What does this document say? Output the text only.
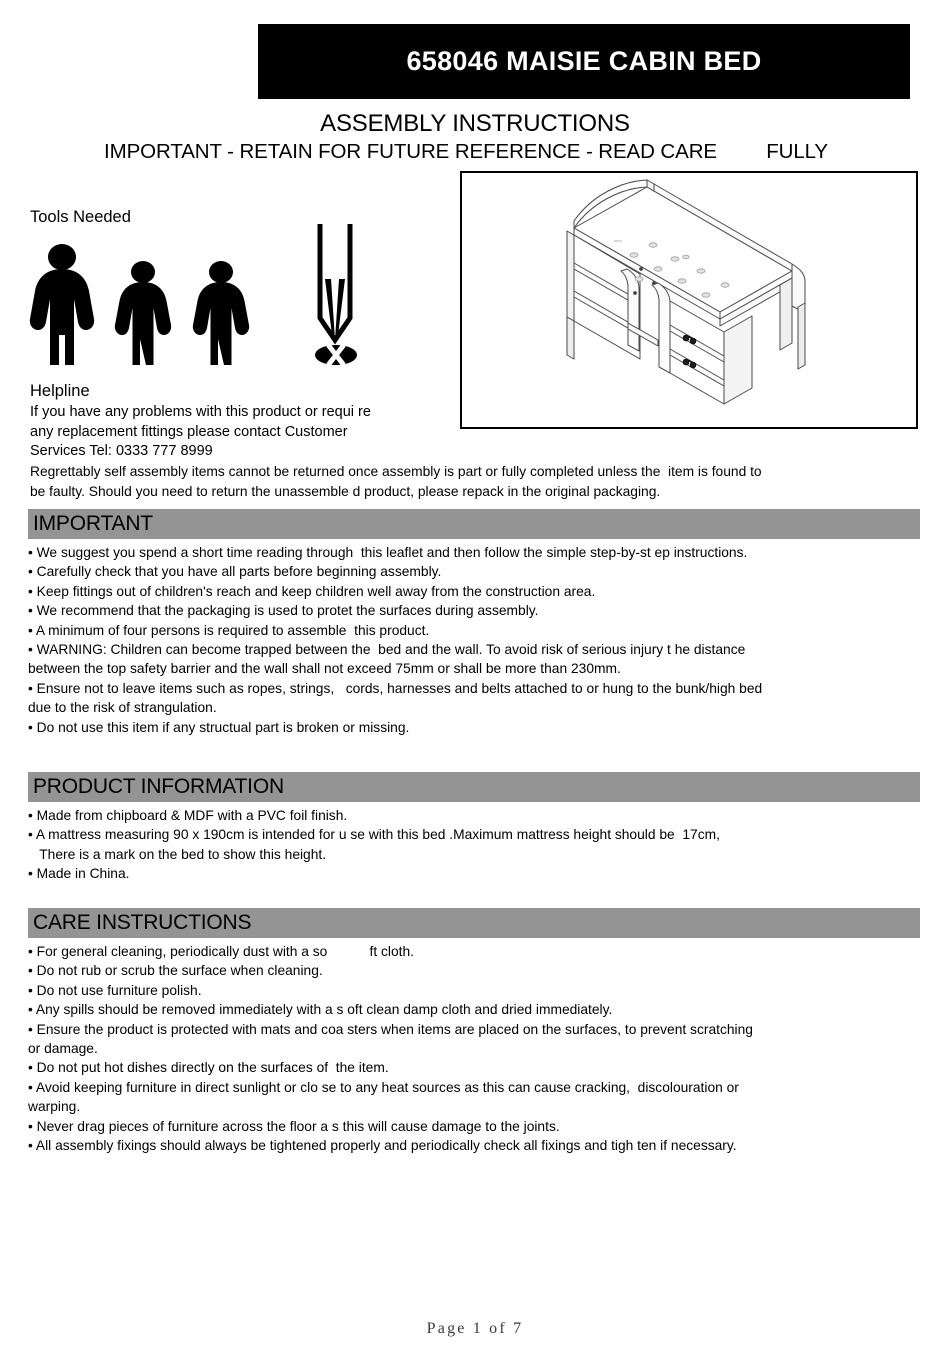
658046 MAISIE CABIN BED
ASSEMBLY INSTRUCTIONS
IMPORTANT - RETAIN FOR FUTURE REFERENCE - READ CARE FULLY
Tools Needed
Helpline
If you have any problems with this product or requi re
any replacement fittings please contact Customer
Services Tel: 0333 777 8999
Regrettably self assembly items cannot be returned once assembly is part or fully completed unless the  item is found to
be faulty. Should you need to return the unassemble d product, please repack in the original packaging.
IMPORTANT
• We suggest you spend a short time reading through  this leaflet and then follow the simple step-by-st ep instructions.
• Carefully check that you have all parts before beginning assembly.
• Keep fittings out of children's reach and keep children well away from the construction area.
• We recommend that the packaging is used to protet the surfaces during assembly.
• A minimum of four persons is required to assemble  this product.
• WARNING: Children can become trapped between the  bed and the wall. To avoid risk of serious injury t he distance
between the top safety barrier and the wall shall not exceed 75mm or shall be more than 230mm.
• Ensure not to leave items such as ropes, strings,   cords, harnesses and belts attached to or hung to the bunk/high bed
due to the risk of strangulation.
• Do not use this item if any structual part is broken or missing.
PRODUCT INFORMATION
• Made from chipboard & MDF with a PVC foil finish.
• A mattress measuring 90 x 190cm is intended for u se with this bed .Maximum mattress height should be  17cm,
There is a mark on the bed to show this height.
• Made in China.
CARE INSTRUCTIONS
• For general cleaning, periodically dust with a so           ft cloth.
• Do not rub or scrub the surface when cleaning.
• Do not use furniture polish.
• Any spills should be removed immediately with a s oft clean damp cloth and dried immediately.
• Ensure the product is protected with mats and coa sters when items are placed on the surfaces, to prevent scratching
or damage.
• Do not put hot dishes directly on the surfaces of  the item.
• Avoid keeping furniture in direct sunlight or clo se to any heat sources as this can cause cracking,  discolouration or
warping.
• Never drag pieces of furniture across the floor a s this will cause damage to the joints.
• All assembly fixings should always be tightened properly and periodically check all fixings and tigh ten if necessary.
Page 1 of 7
